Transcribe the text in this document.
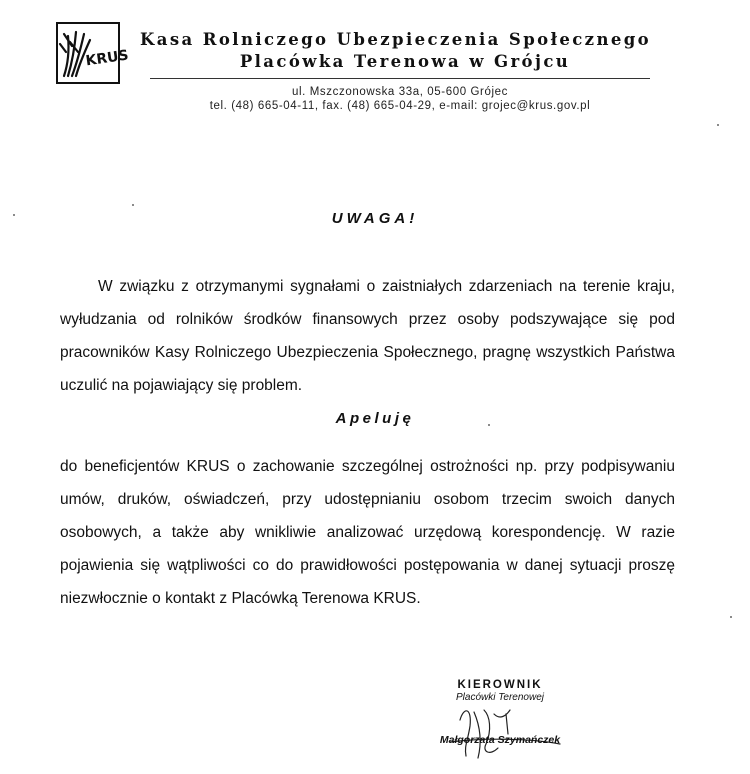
KRUS
Kasa Rolniczego Ubezpieczenia Społecznego
Placówka Terenowa w Grójcu
ul. Mszczonowska 33a, 05-600 Grójec
tel. (48) 665-04-11, fax. (48) 665-04-29, e-mail: grojec@krus.gov.pl
UWAGA!

W związku z otrzymanymi sygnałami o zaistniałych zdarzeniach na terenie kraju, wyłudzania od rolników środków finansowych przez osoby podszywające się pod pracowników Kasy Rolniczego Ubezpieczenia Społecznego, pragnę wszystkich Państwa uczulić na pojawiający się problem.

Apeluję

do beneficjentów KRUS o zachowanie szczególnej ostrożności np. przy podpisywaniu umów, druków, oświadczeń, przy udostępnianiu osobom trzecim swoich danych osobowych, a także aby wnikliwie analizować urzędową korespondencję. W razie pojawienia się wątpliwości co do prawidłowości postępowania w danej sytuacji proszę niezwłocznie o kontakt z Placówką Terenowa KRUS.

KIEROWNIK
Placówki Terenowej
Małgorzata Szymańczek
